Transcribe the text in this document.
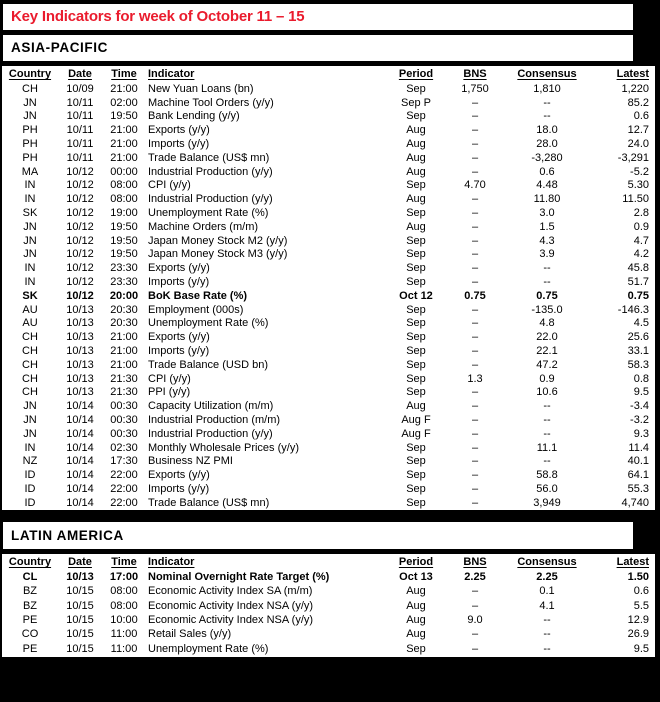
Key Indicators for week of October 11 – 15
ASIA-PACIFIC
Country	Date	Time	Indicator	Period	BNS	Consensus	Latest
CH	10/09	21:00 New Yuan Loans (bn)	Sep	1,750	1,810	1,220
JN	10/11	02:00 Machine Tool Orders (y/y)	Sep P	–	--	85.2
JN	10/11	19:50 Bank Lending (y/y)	Sep	–	--	0.6
PH	10/11	21:00 Exports (y/y)	Aug	–	18.0	12.7
PH	10/11	21:00 Imports (y/y)	Aug	–	28.0	24.0
PH	10/11	21:00 Trade Balance (US$ mn)	Aug	–	-3,280	-3,291
MA	10/12	00:00 Industrial Production (y/y)	Aug	–	0.6	-5.2
IN	10/12	08:00 CPI (y/y)	Sep	4.70	4.48	5.30
IN	10/12	08:00 Industrial Production (y/y)	Aug	–	11.80	11.50
SK	10/12	19:00 Unemployment Rate (%)	Sep	–	3.0	2.8
JN	10/12	19:50 Machine Orders (m/m)	Aug	–	1.5	0.9
JN	10/12	19:50 Japan Money Stock M2 (y/y)	Sep	–	4.3	4.7
JN	10/12	19:50 Japan Money Stock M3 (y/y)	Sep	–	3.9	4.2
IN	10/12	23:30 Exports (y/y)	Sep	–	--	45.8
IN	10/12	23:30 Imports (y/y)	Sep	–	--	51.7
SK	10/12	20:00 BoK Base Rate (%)	Oct 12	0.75	0.75	0.75
AU	10/13	20:30 Employment (000s)	Sep	–	-135.0	-146.3
AU	10/13	20:30 Unemployment Rate (%)	Sep	–	4.8	4.5
CH	10/13	21:00 Exports (y/y)	Sep	–	22.0	25.6
CH	10/13	21:00 Imports (y/y)	Sep	–	22.1	33.1
CH	10/13	21:00 Trade Balance (USD bn)	Sep	–	47.2	58.3
CH	10/13	21:30 CPI (y/y)	Sep	1.3	0.9	0.8
CH	10/13	21:30 PPI (y/y)	Sep	–	10.6	9.5
JN	10/14	00:30 Capacity Utilization (m/m)	Aug	–	--	-3.4
JN	10/14	00:30 Industrial Production (m/m)	Aug F	–	--	-3.2
JN	10/14	00:30 Industrial Production (y/y)	Aug F	–	--	9.3
IN	10/14	02:30 Monthly Wholesale Prices (y/y)	Sep	–	11.1	11.4
NZ	10/14	17:30 Business NZ PMI	Sep	–	--	40.1
ID	10/14	22:00 Exports (y/y)	Sep	–	58.8	64.1
ID	10/14	22:00 Imports (y/y)	Sep	–	56.0	55.3
ID	10/14	22:00 Trade Balance (US$ mn)	Sep	–	3,949	4,740
LATIN AMERICA
Country	Date	Time	Indicator	Period	BNS	Consensus	Latest
CL	10/13	17:00 Nominal Overnight Rate Target (%)	Oct 13	2.25	2.25	1.50
BZ	10/15	08:00 Economic Activity Index SA (m/m)	Aug	–	0.1	0.6
BZ	10/15	08:00 Economic Activity Index NSA (y/y)	Aug	–	4.1	5.5
PE	10/15	10:00 Economic Activity Index NSA (y/y)	Aug	9.0	--	12.9
CO	10/15	11:00 Retail Sales (y/y)	Aug	–	--	26.9
PE	10/15	11:00 Unemployment Rate (%)	Sep	–	--	9.5
